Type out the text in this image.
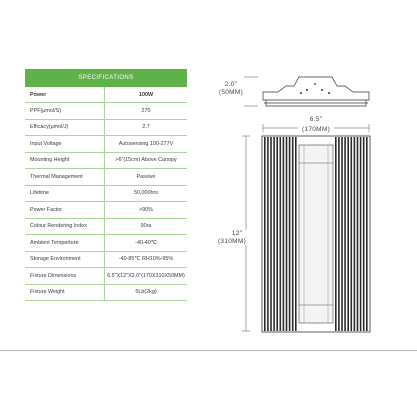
SPECIFICATIONS
Power	100W
PPF(μmol/S)	270
Efficacy(μmol/J)	2.7
Input Voltage	Autosensing 100-277V
Mounting Height	>6"(15cm) Above Canopy
Thermal Management	Passive
Lifetime	50,000hrs
Power Factor	>90%
Colour Rendering Index	90ra
Ambient Temperture	-40-40℃
Storage Environment	-40-85℃ RH10%-95%
Fixture Dimensions	6.5"X12"X2.0"(170X310X50MM)
Fixture Weight	5Lb(2kg)
2.0"
(50MM)
6.5"
(170MM)
12"
(310MM)
